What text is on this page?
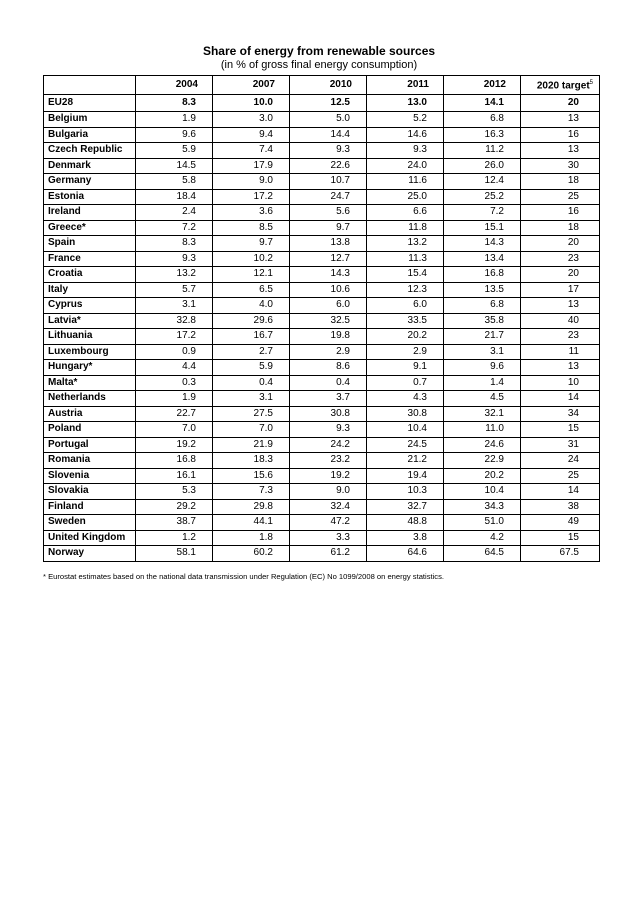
Share of energy from renewable sources
(in % of gross final energy consumption)
	2004	2007	2010	2011	2012	2020 target$^5$
EU28	8.3	10.0	12.5	13.0	14.1	20
Belgium	1.9	3.0	5.0	5.2	6.8	13
Bulgaria	9.6	9.4	14.4	14.6	16.3	16
Czech Republic	5.9	7.4	9.3	9.3	11.2	13
Denmark	14.5	17.9	22.6	24.0	26.0	30
Germany	5.8	9.0	10.7	11.6	12.4	18
Estonia	18.4	17.2	24.7	25.0	25.2	25
Ireland	2.4	3.6	5.6	6.6	7.2	16
Greece*	7.2	8.5	9.7	11.8	15.1	18
Spain	8.3	9.7	13.8	13.2	14.3	20
France	9.3	10.2	12.7	11.3	13.4	23
Croatia	13.2	12.1	14.3	15.4	16.8	20
Italy	5.7	6.5	10.6	12.3	13.5	17
Cyprus	3.1	4.0	6.0	6.0	6.8	13
Latvia*	32.8	29.6	32.5	33.5	35.8	40
Lithuania	17.2	16.7	19.8	20.2	21.7	23
Luxembourg	0.9	2.7	2.9	2.9	3.1	11
Hungary*	4.4	5.9	8.6	9.1	9.6	13
Malta*	0.3	0.4	0.4	0.7	1.4	10
Netherlands	1.9	3.1	3.7	4.3	4.5	14
Austria	22.7	27.5	30.8	30.8	32.1	34
Poland	7.0	7.0	9.3	10.4	11.0	15
Portugal	19.2	21.9	24.2	24.5	24.6	31
Romania	16.8	18.3	23.2	21.2	22.9	24
Slovenia	16.1	15.6	19.2	19.4	20.2	25
Slovakia	5.3	7.3	9.0	10.3	10.4	14
Finland	29.2	29.8	32.4	32.7	34.3	38
Sweden	38.7	44.1	47.2	48.8	51.0	49
United Kingdom	1.2	1.8	3.3	3.8	4.2	15
Norway	58.1	60.2	61.2	64.6	64.5	67.5
* Eurostat estimates based on the national data transmission under Regulation (EC) No 1099/2008 on energy statistics.
